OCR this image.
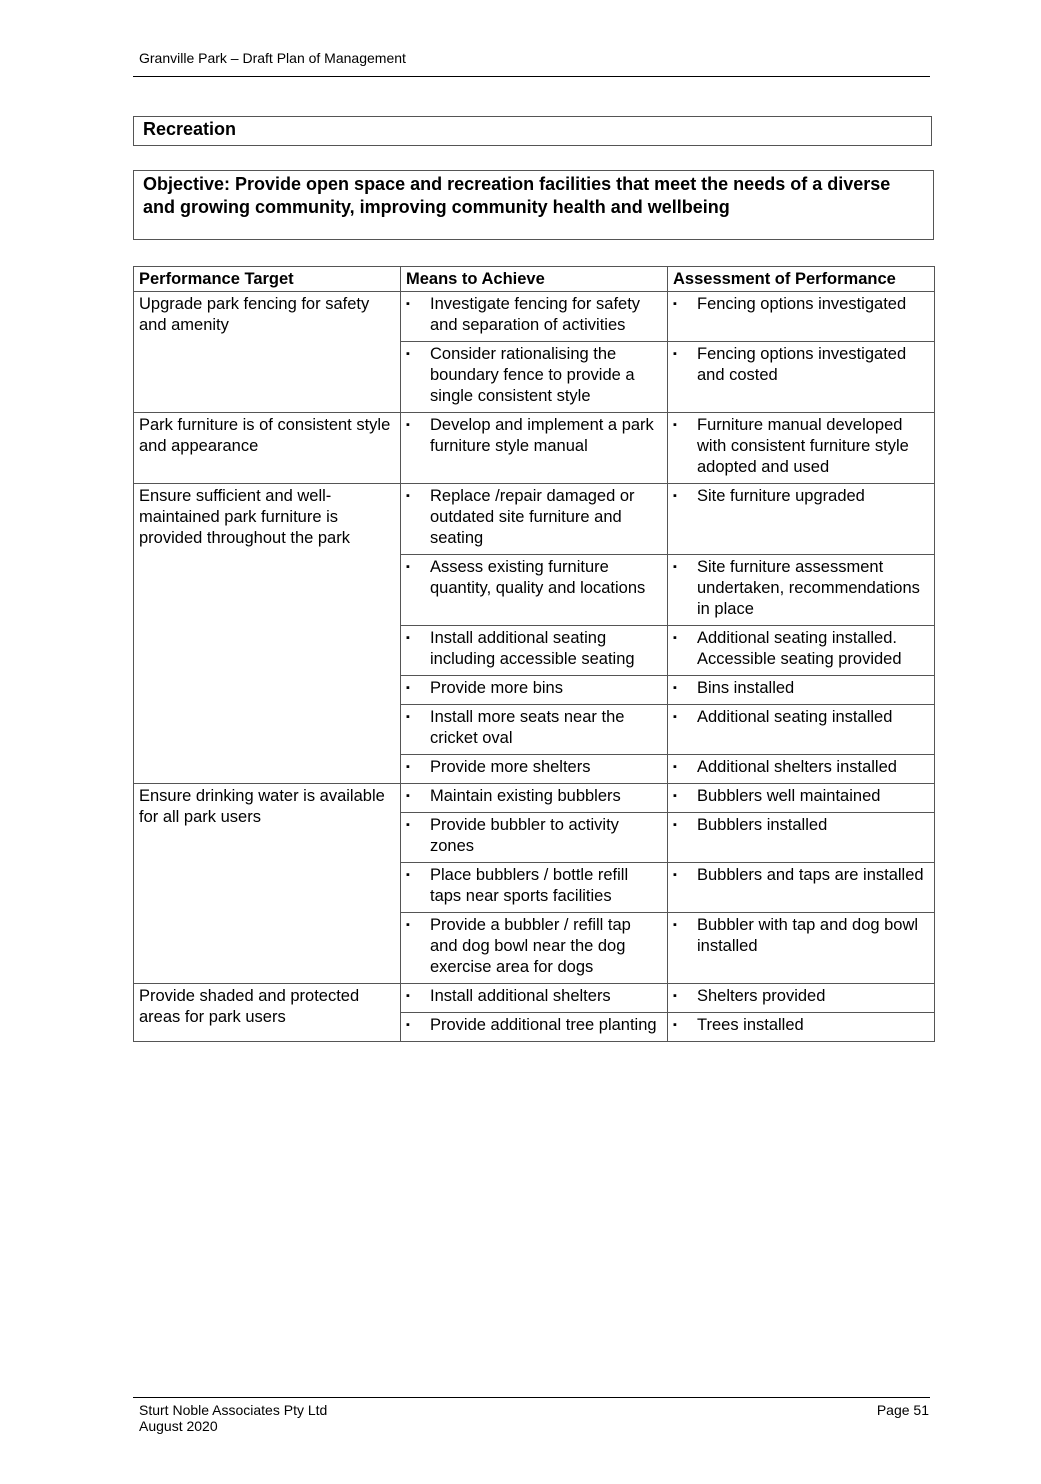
Granville Park – Draft Plan of Management
Recreation
Objective: Provide open space and recreation facilities that meet the needs of a diverse and growing community, improving community health and wellbeing
Performance Target	Means to Achieve	Assessment of Performance
Upgrade park fencing for safety and amenity	▪ Investigate fencing for safety and separation of activities	▪ Fencing options investigated

	▪ Consider rationalising the boundary fence to provide a single consistent style	▪ Fencing options investigated and costed

Park furniture is of consistent style and appearance	▪ Develop and implement a park furniture style manual	▪ Furniture manual developed with consistent furniture style adopted and used

Ensure sufficient and well-maintained park furniture is provided throughout the park	▪ Replace /repair damaged or outdated site furniture and seating	▪ Site furniture upgraded

	▪ Assess existing furniture quantity, quality and locations	▪ Site furniture assessment undertaken, recommendations in place

	▪ Install additional seating including accessible seating	▪ Additional seating installed. Accessible seating provided

	▪ Provide more bins	▪ Bins installed

	▪ Install more seats near the cricket oval	▪ Additional seating installed

	▪ Provide more shelters	▪ Additional shelters installed

Ensure drinking water is available for all park users	▪ Maintain existing bubblers	▪ Bubblers well maintained

	▪ Provide bubbler to activity zones	▪ Bubblers installed

	▪ Place bubblers / bottle refill taps near sports facilities	▪ Bubblers and taps are installed

	▪ Provide a bubbler / refill tap and dog bowl near the dog exercise area for dogs	▪ Bubbler with tap and dog bowl installed

Provide shaded and protected areas for park users	▪ Install additional shelters	▪ Shelters provided

	▪ Provide additional tree planting	▪ Trees installed
Sturt Noble Associates Pty Ltd
August 2020
Page 51
